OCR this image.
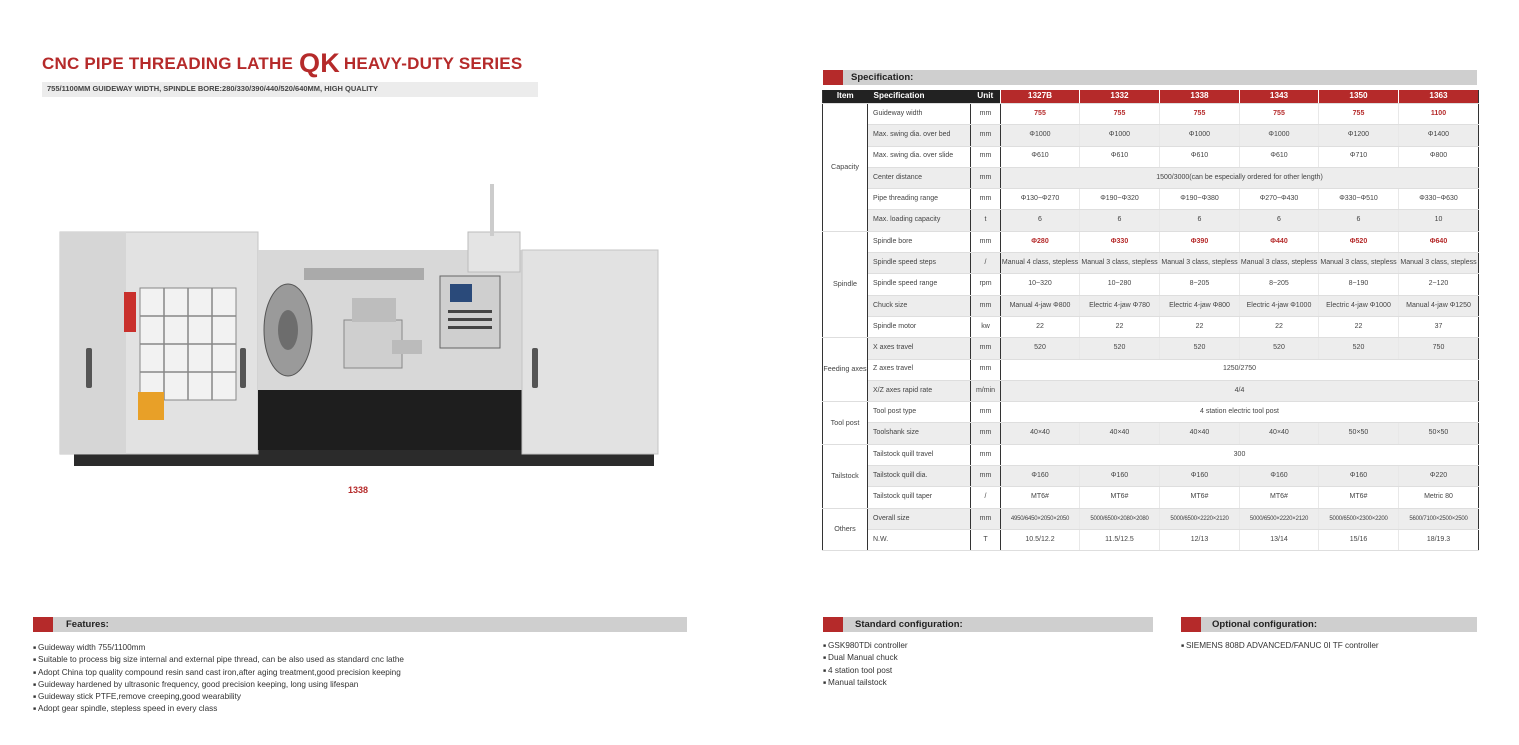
CNC PIPE THREADING LATHE QK HEAVY-DUTY SERIES
755/1100MM GUIDEWAY WIDTH, SPINDLE BORE:280/330/390/440/520/640MM, HIGH QUALITY
1338
Features:
■ Guideway width 755/1100mm
■ Suitable to process big size internal and external pipe thread, can be also used as standard cnc lathe
■ Adopt China top quality compound resin sand cast iron,after aging treatment,good precision keeping
■ Guideway hardened by ultrasonic frequency, good precision keeping, long using lifespan
■ Guideway stick PTFE,remove creeping,good wearability
■ Adopt gear spindle, stepless speed in every class
Specification:
Item	Specification	Unit	1327B	1332	1338	1343	1350	1363
Capacity	Guideway width	mm	755	755	755	755	755	1100
	Max. swing dia. over bed	mm	Φ1000	Φ1000	Φ1000	Φ1000	Φ1200	Φ1400
	Max. swing dia. over slide	mm	Φ610	Φ610	Φ610	Φ610	Φ710	Φ800
	Center distance	mm	1500/3000(can be especially ordered for other length)					
	Pipe threading range	mm	Φ130~Φ270	Φ190~Φ320	Φ190~Φ380	Φ270~Φ430	Φ330~Φ510	Φ330~Φ630
	Max. loading capacity	t	6	6	6	6	6	10
Spindle	Spindle bore	mm	Φ280	Φ330	Φ390	Φ440	Φ520	Φ640
	Spindle speed steps	/	Manual 4 class, stepless	Manual 3 class, stepless	Manual 3 class, stepless	Manual 3 class, stepless	Manual 3 class, stepless	Manual 3 class, stepless
	Spindle speed range	rpm	10~320	10~280	8~205	8~205	8~190	2~120
	Chuck size	mm	Manual 4-jaw Φ800	Electric 4-jaw Φ780	Electric 4-jaw Φ800	Electric 4-jaw Φ1000	Electric 4-jaw Φ1000	Manual 4-jaw Φ1250
	Spindle motor	kw	22	22	22	22	22	37
Feeding axes	X axes travel	mm	520	520	520	520	520	750
	Z axes travel	mm	1250/2750					
	X/Z axes rapid rate	m/min	4/4					
Tool post	Tool post type	mm	4 station electric tool post					
	Toolshank size	mm	40×40	40×40	40×40	40×40	50×50	50×50
Tailstock	Tailstock quill travel	mm	300					
	Tailstock quill dia.	mm	Φ160	Φ160	Φ160	Φ160	Φ160	Φ220
	Tailstock quill taper	/	MT6#	MT6#	MT6#	MT6#	MT6#	Metric 80
Others	Overall size	mm	4950/6450×2050×2050	5000/6500×2080×2080	5000/6500×2220×2120	5000/6500×2220×2120	5000/6500×2300×2200	5600/7100×2500×2500
	N.W.	T	10.5/12.2	11.5/12.5	12/13	13/14	15/16	18/19.3
Standard configuration:
■ GSK980TDi controller
■ Dual Manual chuck
■ 4 station tool post
■ Manual tailstock
Optional configuration:
■ SIEMENS 808D ADVANCED/FANUC 0I TF controller
